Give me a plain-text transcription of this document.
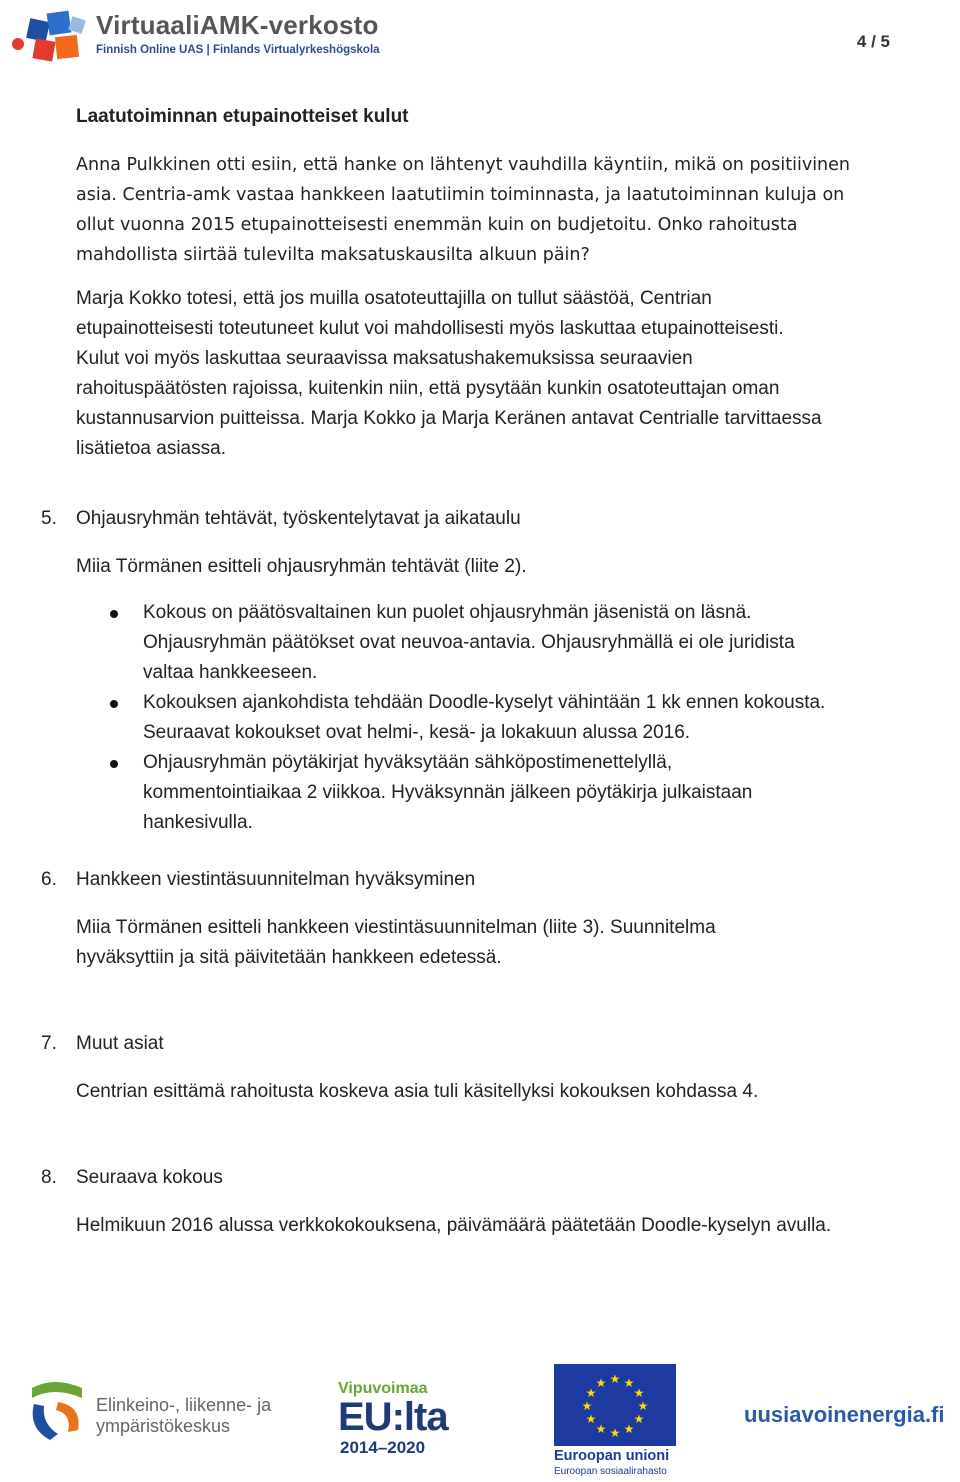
VirtuaaliAMK-verkosto
Finnish Online UAS | Finlands Virtualyrkeshögskola	4 / 5
Laatutoiminnan etupainotteiset kulut
Anna Pulkkinen otti esiin, että hanke on lähtenyt vauhdilla käyntiin, mikä on positiivinen
asia. Centria-amk vastaa hankkeen laatutiimin toiminnasta, ja laatutoiminnan kuluja on
ollut vuonna 2015 etupainotteisesti enemmän kuin on budjetoitu. Onko rahoitusta
mahdollista siirtää tulevilta maksatuskausilta alkuun päin?
Marja Kokko totesi, että jos muilla osatoteuttajilla on tullut säästöä, Centrian
etupainotteisesti toteutuneet kulut voi mahdollisesti myös laskuttaa etupainotteisesti.
Kulut voi myös laskuttaa seuraavissa maksatushakemuksissa seuraavien
rahoituspäätösten rajoissa, kuitenkin niin, että pysytään kunkin osatoteuttajan oman
kustannusarvion puitteissa. Marja Kokko ja Marja Keränen antavat Centrialle tarvittaessa
lisätietoa asiassa.
5. Ohjausryhmän tehtävät, työskentelytavat ja aikataulu
Miia Törmänen esitteli ohjausryhmän tehtävät (liite 2).
Kokous on päätösvaltainen kun puolet ohjausryhmän jäsenistä on läsnä.
Ohjausryhmän päätökset ovat neuvoa-antavia. Ohjausryhmällä ei ole juridista
valtaa hankkeeseen.
Kokouksen ajankohdista tehdään Doodle-kyselyt vähintään 1 kk ennen kokousta.
Seuraavat kokoukset ovat helmi-, kesä- ja lokakuun alussa 2016.
Ohjausryhmän pöytäkirjat hyväksytään sähköpostimenettelyllä,
kommentointiaikaa 2 viikkoa. Hyväksynnän jälkeen pöytäkirja julkaistaan
hankesivulla.
6. Hankkeen viestintäsuunnitelman hyväksyminen
Miia Törmänen esitteli hankkeen viestintäsuunnitelman (liite 3). Suunnitelma
hyväksyttiin ja sitä päivitetään hankkeen edetessä.
7. Muut asiat
Centrian esittämä rahoitusta koskeva asia tuli käsitellyksi kokouksen kohdassa 4.
8. Seuraava kokous
Helmikuun 2016 alussa verkkokokouksena, päivämäärä päätetään Doodle-kyselyn avulla.
Elinkeino-, liikenne- ja
ympäristökeskus
Vipuvoimaa
EU:lta
2014–2020
★ ★
★
★
★
★
★
★
★
★
★
★
Euroopan unioni
Euroopan sosiaalirahasto
uusiavoinenergia.fi
